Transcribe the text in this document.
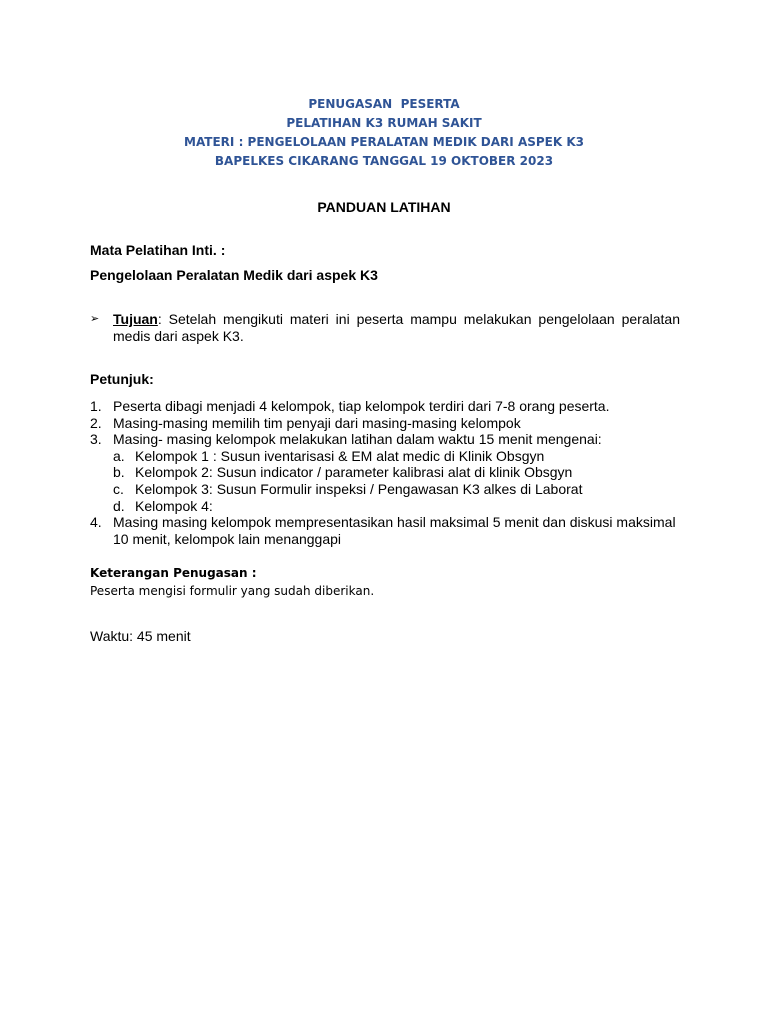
PENUGASAN  PESERTA
PELATIHAN K3 RUMAH SAKIT
MATERI : PENGELOLAAN PERALATAN MEDIK DARI ASPEK K3
BAPELKES CIKARANG TANGGAL 19 OKTOBER 2023
PANDUAN LATIHAN
Mata Pelatihan Inti. :
Pengelolaan Peralatan Medik dari aspek K3
➢ Tujuan: Setelah mengikuti materi ini peserta mampu melakukan pengelolaan peralatan medis dari aspek K3.
Petunjuk:
1. Peserta dibagi menjadi 4 kelompok, tiap kelompok terdiri dari 7-8 orang peserta.
2. Masing-masing memilih tim penyaji dari masing-masing kelompok
3. Masing- masing kelompok melakukan latihan dalam waktu 15 menit mengenai:
a. Kelompok 1 : Susun iventarisasi & EM alat medic di Klinik Obsgyn
b. Kelompok 2: Susun indicator / parameter kalibrasi alat di klinik Obsgyn
c. Kelompok 3: Susun Formulir inspeksi / Pengawasan K3 alkes di Laborat
d. Kelompok 4:
4. Masing masing kelompok mempresentasikan hasil maksimal 5 menit dan diskusi maksimal 10 menit, kelompok lain menanggapi
Keterangan Penugasan :
Peserta mengisi formulir yang sudah diberikan.
Waktu: 45 menit
